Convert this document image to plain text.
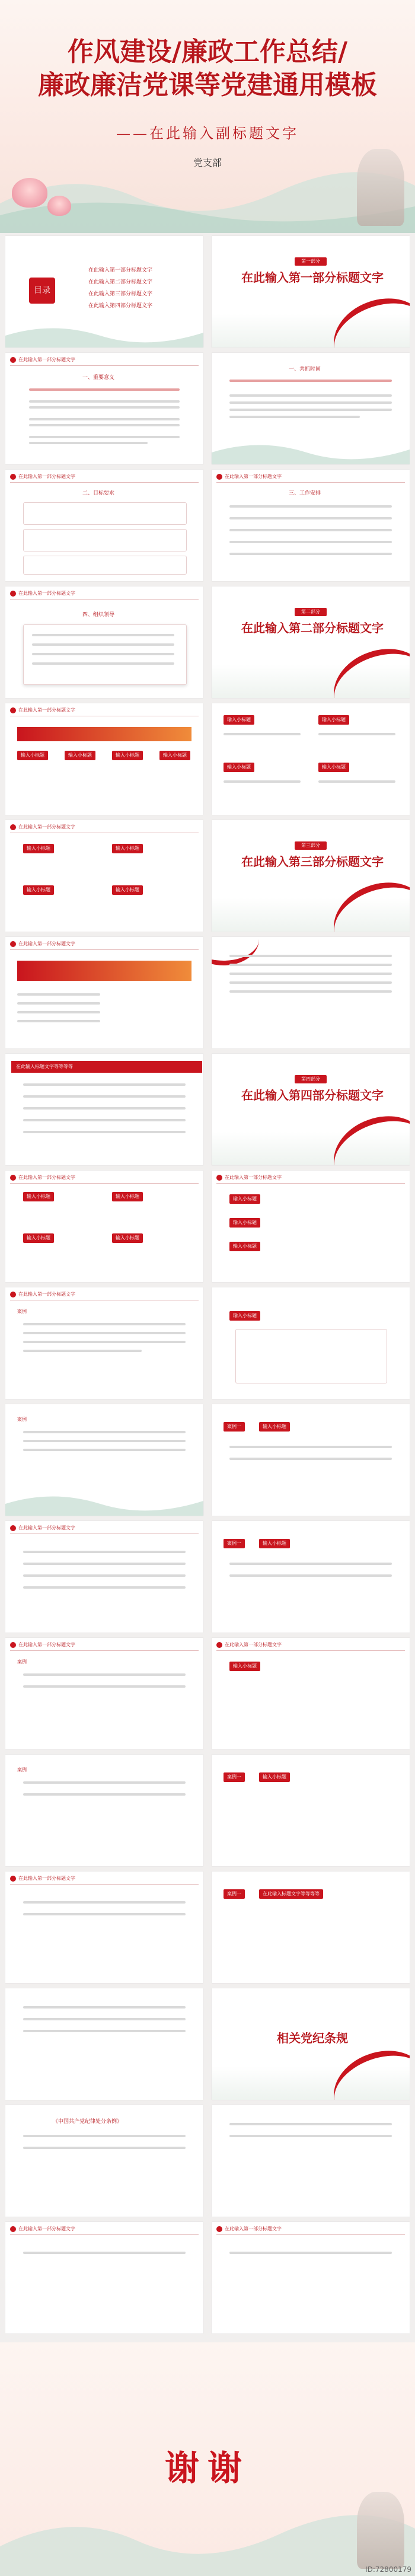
作风建设/廉政工作总结/
廉政廉洁党课等党建通用模板
——在此输入副标题文字
党支部
目录
在此输入第一部分标题文字
在此输入第二部分标题文字
在此输入第三部分标题文字
在此输入第四部分标题文字
第一部分
在此输入第一部分标题文字
在此输入第一部分标题文字
一、重要意义
一、共抓时间
在此输入第一部分标题文字
二、目标要求
在此输入第一部分标题文字
三、工作安排
在此输入第一部分标题文字
四、组织领导
第二部分
在此输入第二部分标题文字
在此输入第一部分标题文字
输入小标题	输入小标题	输入小标题	输入小标题
输入小标题	输入小标题
输入小标题	输入小标题
在此输入第一部分标题文字
输入小标题	输入小标题
输入小标题	输入小标题
第三部分
在此输入第三部分标题文字
在此输入第一部分标题文字
在此输入标题文字等等等等
第四部分
在此输入第四部分标题文字
在此输入第一部分标题文字
输入小标题	输入小标题
输入小标题	输入小标题
在此输入第一部分标题文字
输入小标题
输入小标题
输入小标题
在此输入第一部分标题文字
案例
输入小标题
案例
案例一	输入小标题
在此输入第一部分标题文字
案例一	输入小标题
在此输入第一部分标题文字
案例
在此输入第一部分标题文字
输入小标题
案例
案例一	输入小标题
在此输入第一部分标题文字
案例一	在此输入标题文字等等等等
相关党纪条规
《中国共产党纪律处分条例》
在此输入第一部分标题文字	在此输入第一部分标题文字
谢谢
ID:72800179
